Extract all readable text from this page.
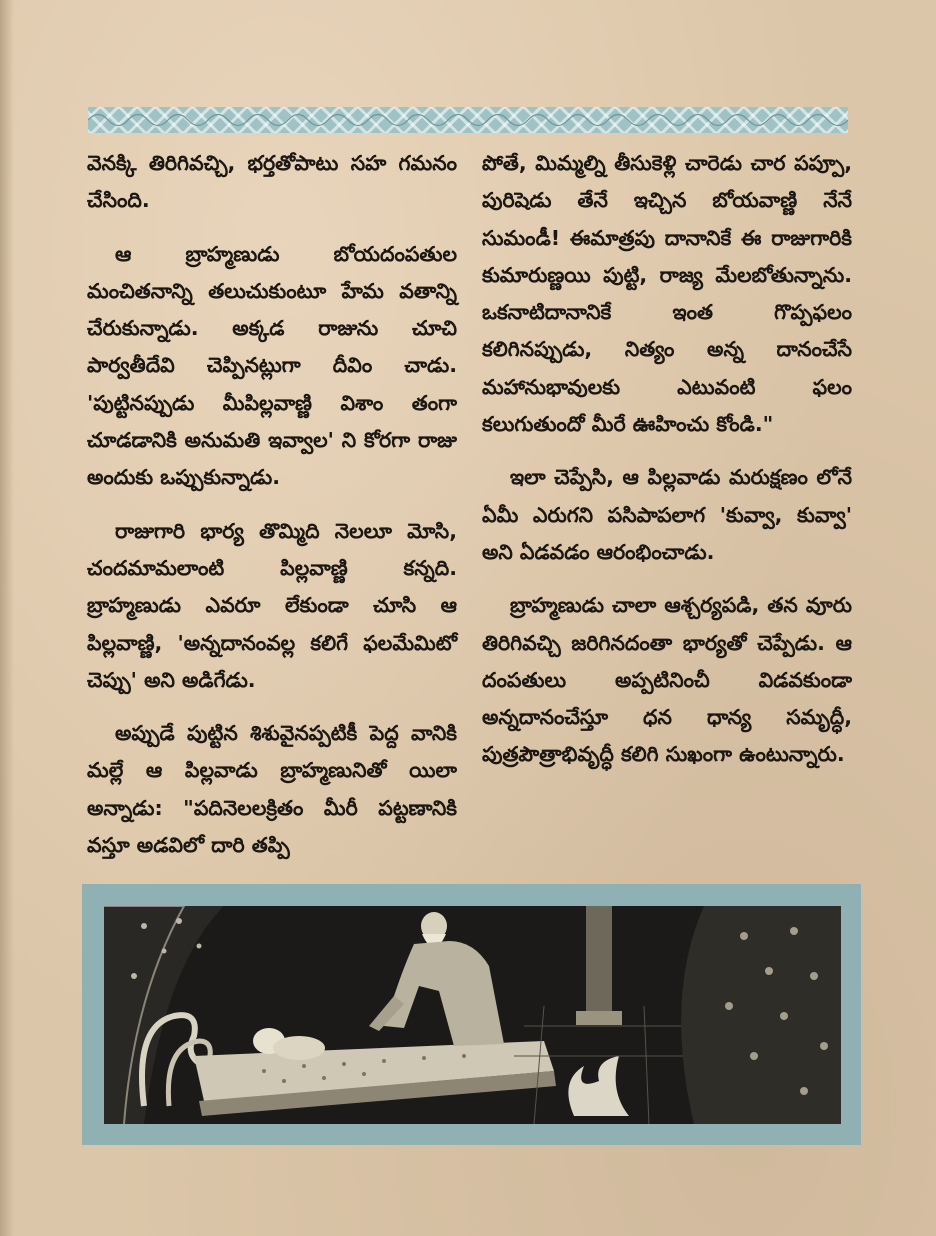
వెనక్కి తిరిగివచ్చి, భర్తతోపాటు సహ గమనం చేసింది.

ఆ బ్రాహ్మణుడు బోయదంపతుల మంచితనాన్ని తలుచుకుంటూ హేమ వతాన్ని చేరుకున్నాడు. అక్కడ రాజును చూచి పార్వతీదేవి చెప్పినట్లుగా దీవిం చాడు. 'పుట్టినప్పుడు మీపిల్లవాణ్ణి విశాం తంగా చూడడానికి అనుమతి ఇవ్వాల' ని కోరగా రాజు అందుకు ఒప్పుకున్నాడు.

రాజుగారి భార్య తొమ్మిది నెలలూ మోసి, చందమామలాంటి పిల్లవాణ్ణి కన్నది. బ్రాహ్మణుడు ఎవరూ లేకుండా చూసి ఆ పిల్లవాణ్ణి, 'అన్నదానంవల్ల కలిగే ఫలమేమిటో చెప్పు' అని అడిగేడు.

అప్పుడే పుట్టిన శిశువైనప్పటికీ పెద్ద వానికి మల్లే ఆ పిల్లవాడు బ్రాహ్మణునితో యిలా అన్నాడు: "పదినెలలక్రితం మీరీ పట్టణానికి వస్తూ అడవిలో దారి తప్పి

పోతే, మిమ్మల్ని తీసుకెళ్లి చారెడు చార పప్పూ, పురిషెడు తేనే ఇచ్చిన బోయవాణ్ణి నేనే సుమండీ! ఈమాత్రపు దానానికే ఈ రాజుగారికి కుమారుణ్ణయి పుట్టి, రాజ్య మేలబోతున్నాను. ఒకనాటిదానానికే ఇంత గొప్పఫలం కలిగినప్పుడు, నిత్యం అన్న దానంచేసే మహానుభావులకు ఎటువంటి ఫలం కలుగుతుందో మీరే ఊహించు కోండి."

ఇలా చెప్పేసి, ఆ పిల్లవాడు మరుక్షణం లోనే ఏమీ ఎరుగని పసిపాపలాగ 'కువ్వా, కువ్వా' అని ఏడవడం ఆరంభించాడు.

బ్రాహ్మణుడు చాలా ఆశ్చర్యపడి, తన వూరు తిరిగివచ్చి జరిగినదంతా భార్యతో చెప్పేడు. ఆ దంపతులు అప్పటినించీ విడవకుండా అన్నదానంచేస్తూ ధన ధాన్య సమృద్ధీ, పుత్రపౌత్రాభివృద్ధీ కలిగి సుఖంగా ఉంటున్నారు.
